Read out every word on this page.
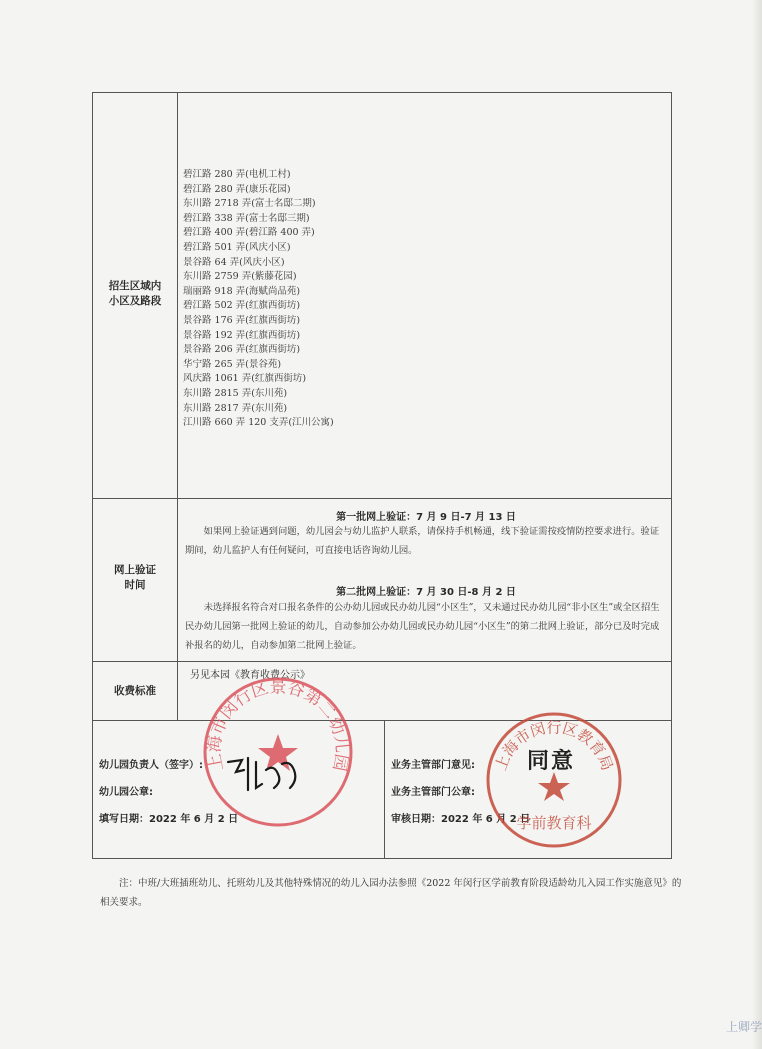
招生区域内
小区及路段
碧江路 280 弄(电机工村)
碧江路 280 弄(康乐花园)
东川路 2718 弄(富士名邸二期)
碧江路 338 弄(富士名邸三期)
碧江路 400 弄(碧江路 400 弄)
碧江路 501 弄(风庆小区)
景谷路 64 弄(风庆小区)
东川路 2759 弄(紫藤花园)
瑞丽路 918 弄(海赋尚品苑)
碧江路 502 弄(红旗西街坊)
景谷路 176 弄(红旗西街坊)
景谷路 192 弄(红旗西街坊)
景谷路 206 弄(红旗西街坊)
华宁路 265 弄(景谷苑)
风庆路 1061 弄(红旗西街坊)
东川路 2815 弄(东川苑)
东川路 2817 弄(东川苑)
江川路 660 弄 120 支弄(江川公寓)
网上验证
时间
第一批网上验证：7 月 9 日-7 月 13 日
如果网上验证遇到问题，幼儿园会与幼儿监护人联系，请保持手机畅通，线下验证需按疫情防控要求进行。验证期间，幼儿监护人有任何疑问，可直接电话咨询幼儿园。
第二批网上验证：7 月 30 日-8 月 2 日
未选择报名符合对口报名条件的公办幼儿园或民办幼儿园“小区生”，又未通过民办幼儿园“非小区生”或全区招生民办幼儿园第一批网上验证的幼儿，自动参加公办幼儿园或民办幼儿园“小区生”的第二批网上验证，部分已及时完成补报名的幼儿，自动参加第二批网上验证。
收费标准
另见本园《教育收费公示》
幼儿园负责人（签字）:
幼儿园公章:
填写日期：2022 年 6 月 2 日
业务主管部门意见:
业务主管部门公章:
审核日期：2022 年 6 月 2 日
上海市闵行区景谷第二幼儿园	上海市闵行区教育局
学前教育科
同意
注：中班/大班插班幼儿、托班幼儿及其他特殊情况的幼儿入园办法参照《2022 年闵行区学前教育阶段适龄幼儿入园工作实施意见》的相关要求。
上卿学
